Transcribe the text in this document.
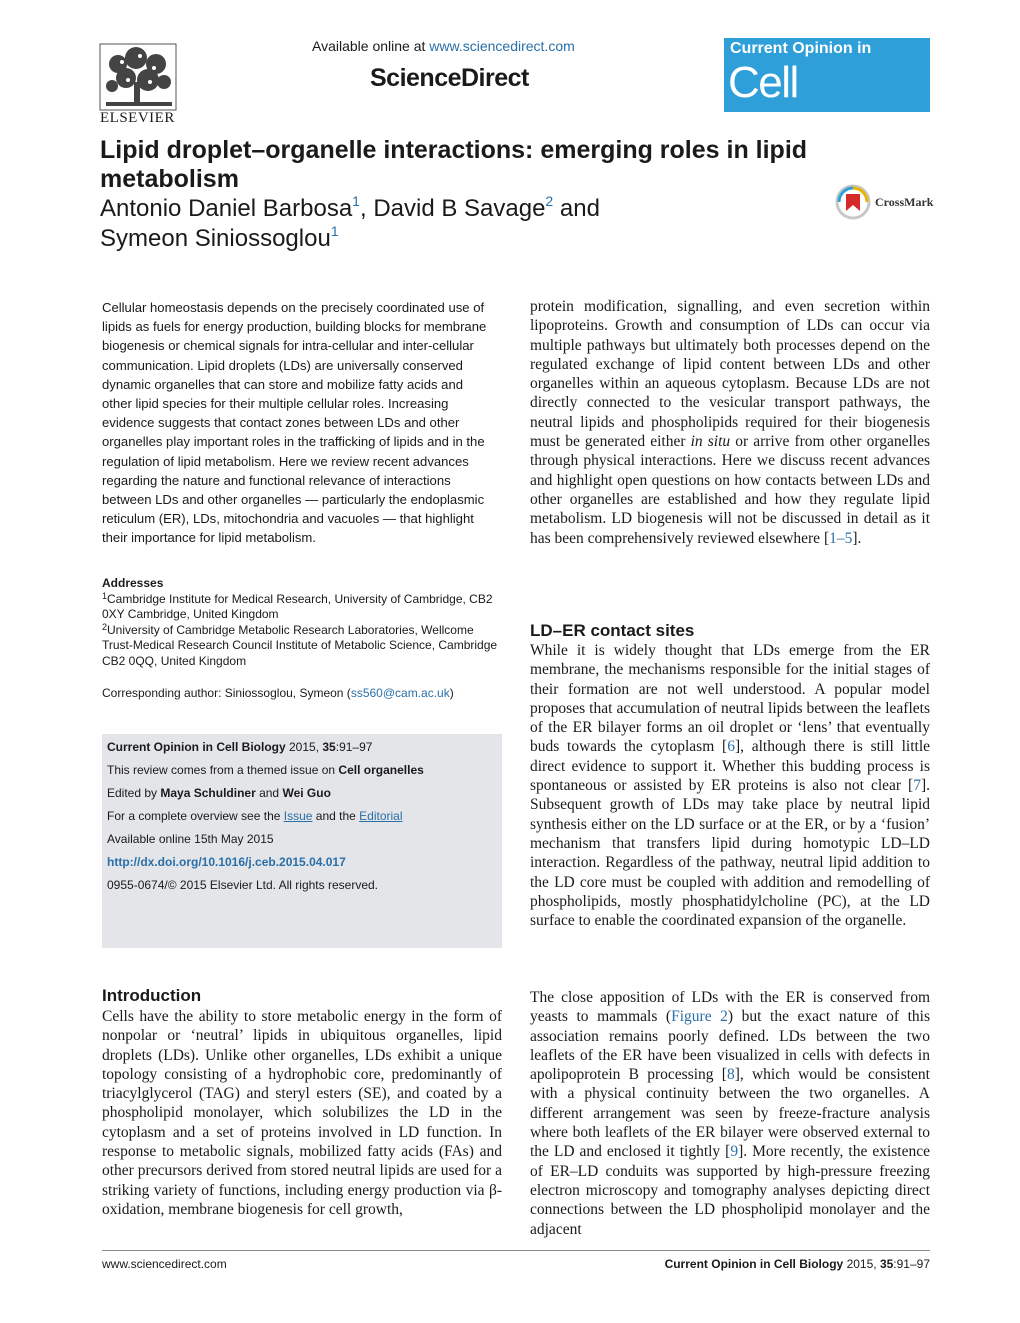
ELSEVIER
Available online at www.sciencedirect.com
ScienceDirect
Current Opinion in
Cell Biology
Lipid droplet–organelle interactions: emerging roles in lipid metabolism
Antonio Daniel Barbosa$^1$, David B Savage$^2$ and
Symeon Siniossoglou$^1$
CrossMark
Cellular homeostasis depends on the precisely coordinated use of lipids as fuels for energy production, building blocks for membrane biogenesis or chemical signals for intra-cellular and inter-cellular communication. Lipid droplets (LDs) are universally conserved dynamic organelles that can store and mobilize fatty acids and other lipid species for their multiple cellular roles. Increasing evidence suggests that contact zones between LDs and other organelles play important roles in the trafficking of lipids and in the regulation of lipid metabolism. Here we review recent advances regarding the nature and functional relevance of interactions between LDs and other organelles — particularly the endoplasmic reticulum (ER), LDs, mitochondria and vacuoles — that highlight their importance for lipid metabolism.
Addresses
$^1$Cambridge Institute for Medical Research, University of Cambridge, CB2 0XY Cambridge, United Kingdom
$^2$University of Cambridge Metabolic Research Laboratories, Wellcome Trust-Medical Research Council Institute of Metabolic Science, Cambridge CB2 0QQ, United Kingdom
Corresponding author: Siniossoglou, Symeon (ss560@cam.ac.uk)
Current Opinion in Cell Biology 2015, 35:91–97
This review comes from a themed issue on Cell organelles
Edited by Maya Schuldiner and Wei Guo
For a complete overview see the Issue and the Editorial
Available online 15th May 2015
http://dx.doi.org/10.1016/j.ceb.2015.04.017
0955-0674/© 2015 Elsevier Ltd. All rights reserved.
Introduction
Cells have the ability to store metabolic energy in the form of nonpolar or ‘neutral’ lipids in ubiquitous organelles, lipid droplets (LDs). Unlike other organelles, LDs exhibit a unique topology consisting of a hydrophobic core, predominantly of triacylglycerol (TAG) and steryl esters (SE), and coated by a phospholipid monolayer, which solubilizes the LD in the cytoplasm and a set of proteins involved in LD function. In response to metabolic signals, mobilized fatty acids (FAs) and other precursors derived from stored neutral lipids are used for a striking variety of functions, including energy production via β-oxidation, membrane biogenesis for cell growth,
protein modification, signalling, and even secretion within lipoproteins. Growth and consumption of LDs can occur via multiple pathways but ultimately both processes depend on the regulated exchange of lipid content between LDs and other organelles within an aqueous cytoplasm. Because LDs are not directly connected to the vesicular transport pathways, the neutral lipids and phospholipids required for their biogenesis must be generated either in situ or arrive from other organelles through physical interactions. Here we discuss recent advances and highlight open questions on how contacts between LDs and other organelles are established and how they regulate lipid metabolism. LD biogenesis will not be discussed in detail as it has been comprehensively reviewed elsewhere [1–5].
LD–ER contact sites
While it is widely thought that LDs emerge from the ER membrane, the mechanisms responsible for the initial stages of their formation are not well understood. A popular model proposes that accumulation of neutral lipids between the leaflets of the ER bilayer forms an oil droplet or ‘lens’ that eventually buds towards the cytoplasm [6], although there is still little direct evidence to support it. Whether this budding process is spontaneous or assisted by ER proteins is also not clear [7]. Subsequent growth of LDs may take place by neutral lipid synthesis either on the LD surface or at the ER, or by a ‘fusion’ mechanism that transfers lipid during homotypic LD–LD interaction. Regardless of the pathway, neutral lipid addition to the LD core must be coupled with addition and remodelling of phospholipids, mostly phosphatidylcholine (PC), at the LD surface to enable the coordinated expansion of the organelle.
The close apposition of LDs with the ER is conserved from yeasts to mammals (Figure 2) but the exact nature of this association remains poorly defined. LDs between the two leaflets of the ER have been visualized in cells with defects in apolipoprotein B processing [8], which would be consistent with a physical continuity between the two organelles. A different arrangement was seen by freeze-fracture analysis where both leaflets of the ER bilayer were observed external to the LD and enclosed it tightly [9]. More recently, the existence of ER–LD conduits was supported by high-pressure freezing electron microscopy and tomography analyses depicting direct connections between the LD phospholipid monolayer and the adjacent
www.sciencedirect.com	Current Opinion in Cell Biology 2015, 35:91–97
